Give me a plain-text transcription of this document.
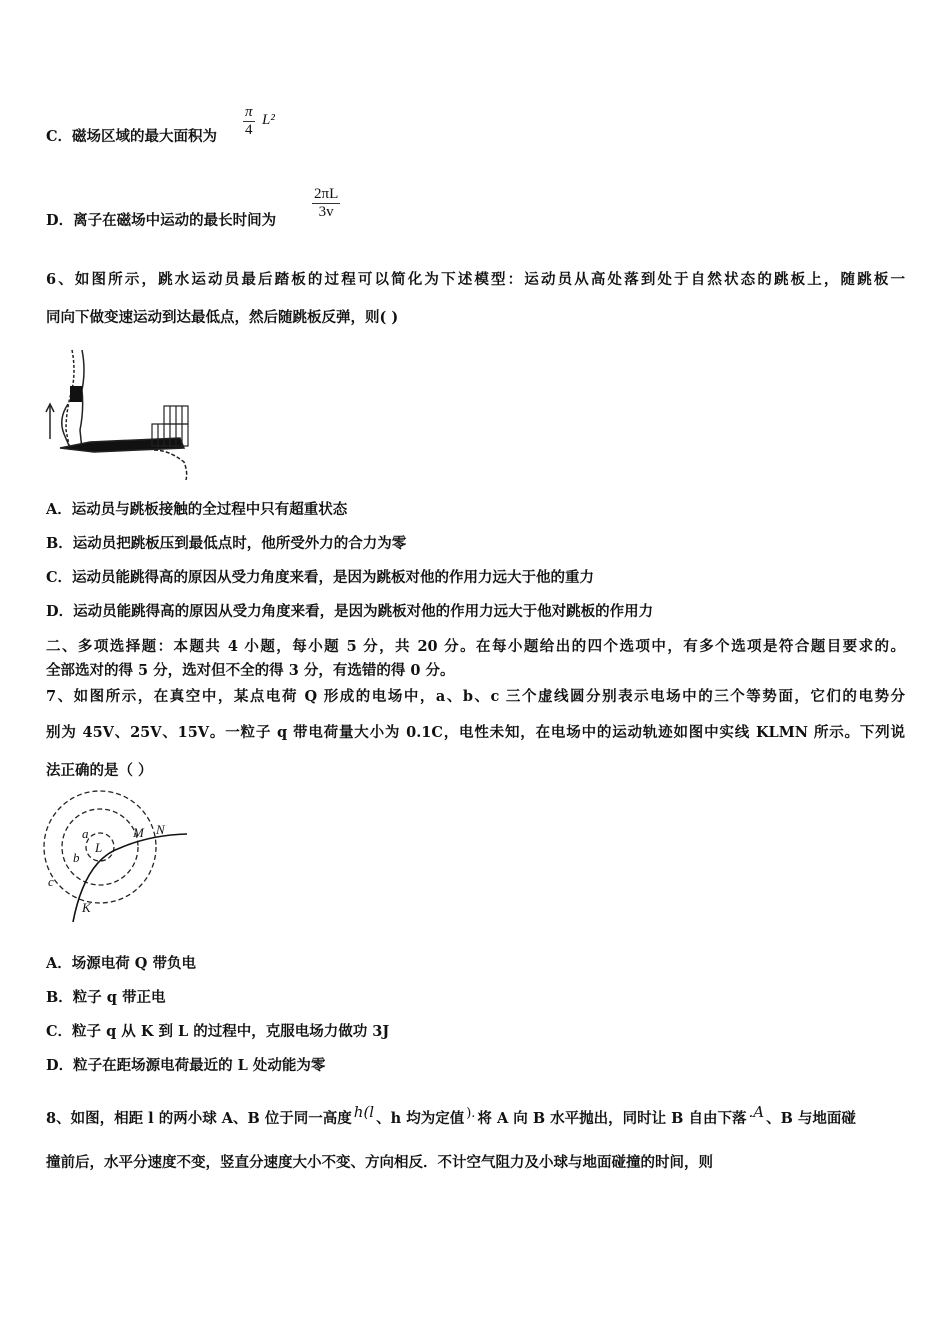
C．磁场区域的最大面积为 $\frac{\pi}{4} L^2$
D．离子在磁场中运动的最长时间为 $\frac{2\pi L}{3v}$
6、如图所示，跳水运动员最后踏板的过程可以简化为下述模型：运动员从高处落到处于自然状态的跳板上，随跳板一
同向下做变速运动到达最低点，然后随跳板反弹，则( )
A．运动员与跳板接触的全过程中只有超重状态
B．运动员把跳板压到最低点时，他所受外力的合力为零
C．运动员能跳得高的原因从受力角度来看，是因为跳板对他的作用力远大于他的重力
D．运动员能跳得高的原因从受力角度来看，是因为跳板对他的作用力远大于他对跳板的作用力
二、多项选择题：本题共 4 小题，每小题 5 分，共 20 分。在每小题给出的四个选项中，有多个选项是符合题目要求的。
全部选对的得 5 分，选对但不全的得 3 分，有选错的得 0 分。
7、如图所示，在真空中，某点电荷 Q 形成的电场中，a、b、c 三个虚线圆分别表示电场中的三个等势面，它们的电势分
别为 45V、25V、15V。一粒子 q 带电荷量大小为 0.1C，电性未知，在电场中的运动轨迹如图中实线 KLMN 所示。下列说
法正确的是（ ）
a
L
b
c
M N
K
A．场源电荷 Q 带负电
B．粒子 q 带正电
C．粒子 q 从 K 到 L 的过程中，克服电场力做功 3J
D．粒子在距场源电荷最近的 L 处动能为零
8、如图，相距 l 的两小球 A、B 位于同一高度 $^{h(l}$ 、h 均为定值 ). 将 A 向 B 水平抛出，同时让 B 自由下落 $^{.A}$ 、B 与地面碰
撞前后，水平分速度不变，竖直分速度大小不变、方向相反．不计空气阻力及小球与地面碰撞的时间，则
